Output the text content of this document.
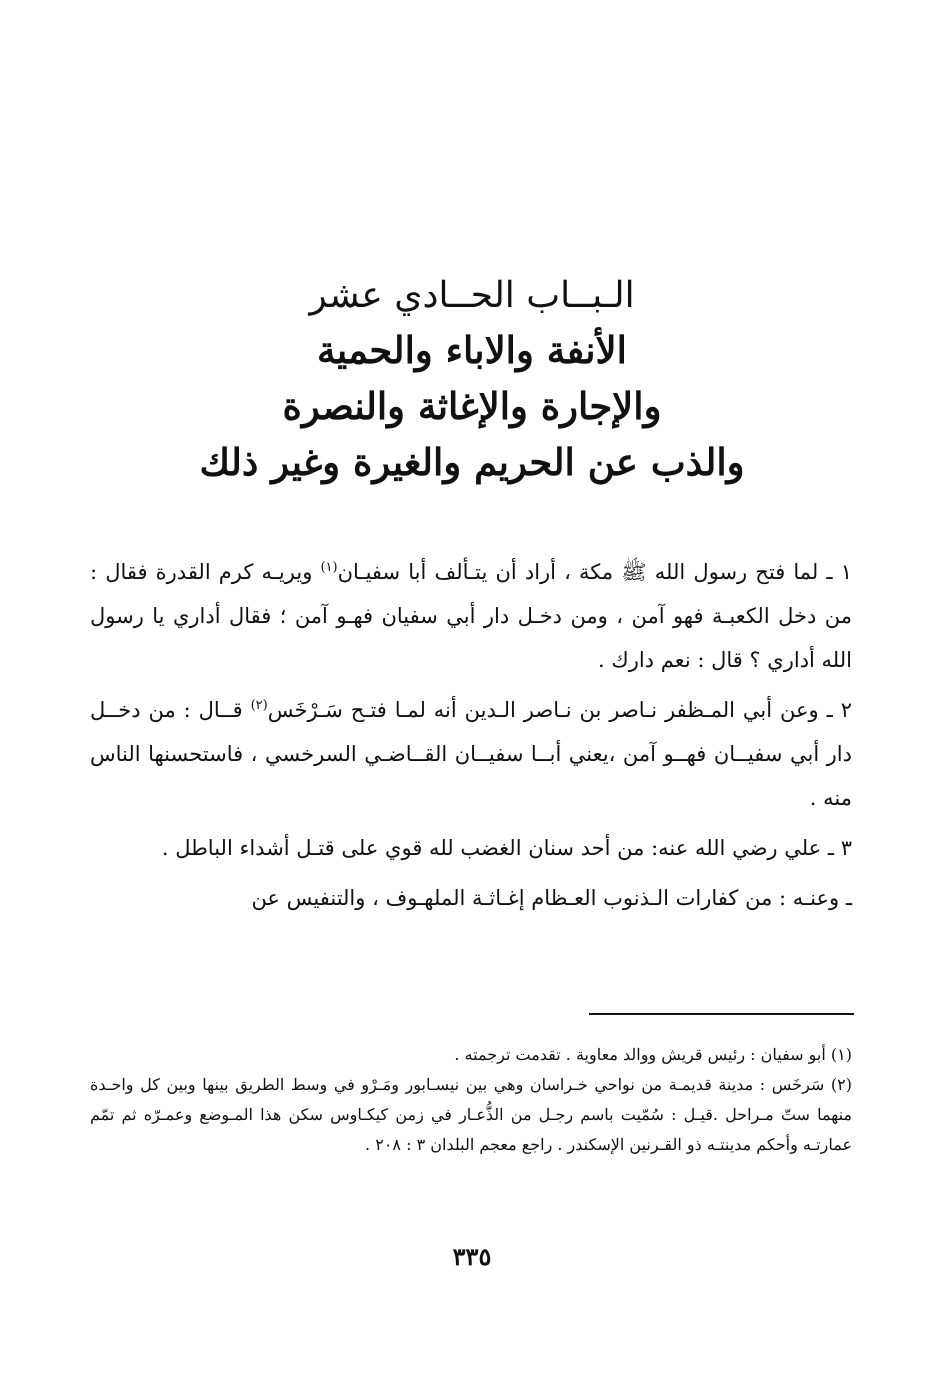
الـبــاب الحــادي عشر
الأنفة والاباء والحمية
والإجارة والإغاثة والنصرة
والذب عن الحريم والغيرة وغير ذلك

١ ـ لما فتح رسول الله ﷺ مكة ، أراد أن يتـألف أبا سفيـان$^{(١)}$ ويريـه كرم القدرة فقال : من دخل الكعبـة فهو آمن ، ومن دخـل دار أبي سفيان فهـو آمن ؛ فقال أداري يا رسول الله أداري ؟ قال : نعم دارك .

٢ ـ وعن أبي المـظفر نـاصر بن نـاصر الـدين أنه لمـا فتـح سَـرْخَس$^{(٢)}$ قــال : من دخــل دار أبي سفيــان فهــو آمن ،يعني أبــا سفيــان القــاضـي السرخسي ، فاستحسنها الناس منه .

٣ ـ علي رضي الله عنه: من أحد سنان الغضب لله قوي على قتـل أشداء الباطل .

ـ وعنـه : من كفارات الـذنوب العـظام إغـاثـة الملهـوف ، والتنفيس عن

(١) أبو سفيان : رئيس قريش ووالد معاوية . تقدمت ترجمته .

(٢) سَرخَس : مدينة قديمـة من نواحي خـراسان وهي بين نيسـابور ومَـرْو في وسط الطريق بينها وبين كل واحـدة منهما ستّ مـراحل .قيـل : سُمّيت باسم رجـل من الذُّعـار في زمن كيكـاوس سكن هذا المـوضع وعمـرّه ثم تمّم عمارتـه وأحكم مدينتـه ذو القـرنين الإسكندر . راجع معجم البلدان ٣ : ٢٠٨ .

٣٣٥
